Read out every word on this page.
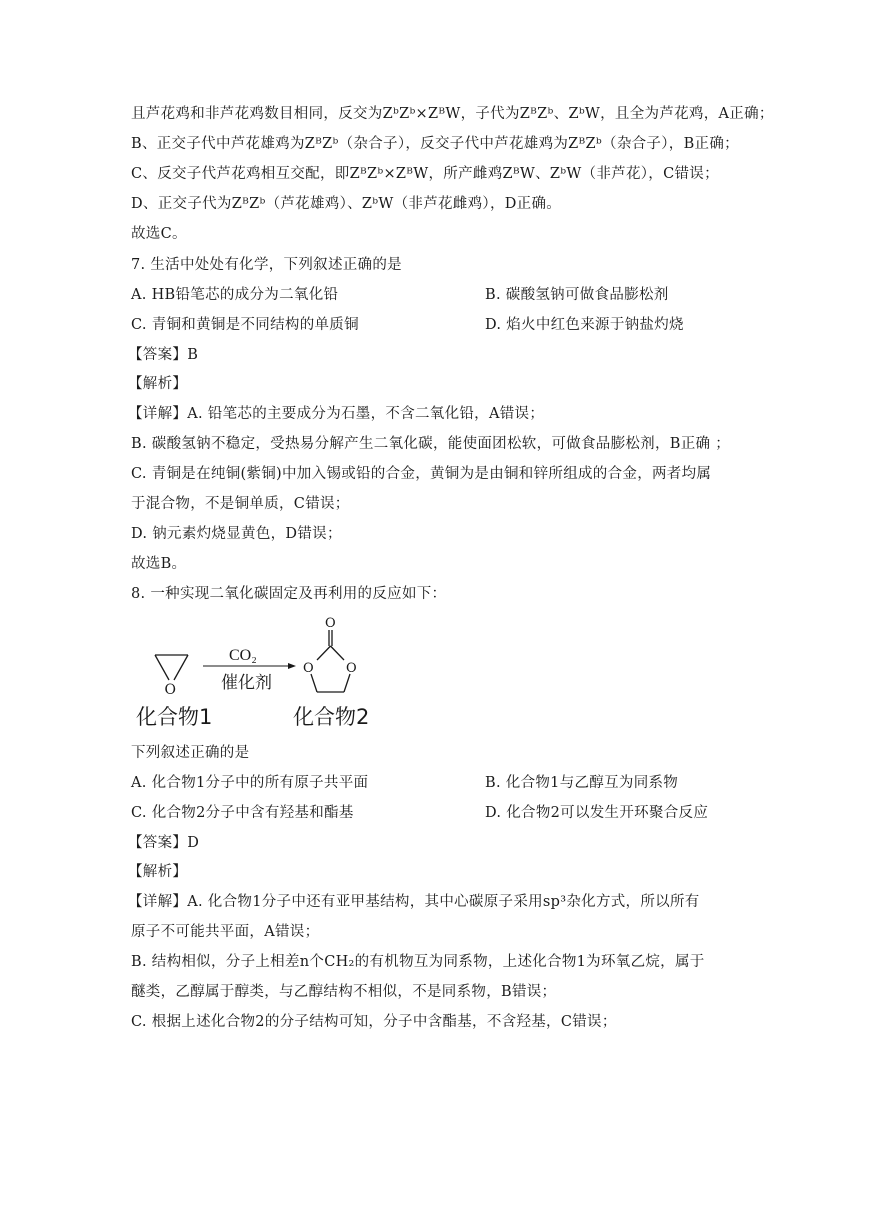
且芦花鸡和非芦花鸡数目相同，反交为ZᵇZᵇ×ZᴮW，子代为ZᴮZᵇ、ZᵇW，且全为芦花鸡，A正确；
B、正交子代中芦花雄鸡为ZᴮZᵇ（杂合子），反交子代中芦花雄鸡为ZᴮZᵇ（杂合子），B正确；
C、反交子代芦花鸡相互交配，即ZᴮZᵇ×ZᴮW，所产雌鸡ZᴮW、ZᵇW（非芦花），C错误；
D、正交子代为ZᴮZᵇ（芦花雄鸡）、ZᵇW（非芦花雌鸡），D正确。
故选C。
7. 生活中处处有化学，下列叙述正确的是
A. HB铅笔芯的成分为二氧化铅	B. 碳酸氢钠可做食品膨松剂
C. 青铜和黄铜是不同结构的单质铜	D. 焰火中红色来源于钠盐灼烧
【答案】B
【解析】
【详解】A. 铅笔芯的主要成分为石墨，不含二氧化铅，A错误；
B. 碳酸氢钠不稳定，受热易分解产生二氧化碳，能使面团松软，可做食品膨松剂，B正确 ；
C. 青铜是在纯铜(紫铜)中加入锡或铅的合金，黄铜为是由铜和锌所组成的合金，两者均属
于混合物，不是铜单质，C错误；
D. 钠元素灼烧显黄色，D错误；
故选B。
8. 一种实现二氧化碳固定及再利用的反应如下：
O
CO₂
催化剂
O
O O
化合物1	化合物2
下列叙述正确的是
A. 化合物1分子中的所有原子共平面	B. 化合物1与乙醇互为同系物
C. 化合物2分子中含有羟基和酯基	D. 化合物2可以发生开环聚合反应
【答案】D
【解析】
【详解】A. 化合物1分子中还有亚甲基结构，其中心碳原子采用sp³杂化方式，所以所有
原子不可能共平面，A错误；
B. 结构相似，分子上相差n个CH₂的有机物互为同系物，上述化合物1为环氧乙烷，属于
醚类，乙醇属于醇类，与乙醇结构不相似，不是同系物，B错误；
C. 根据上述化合物2的分子结构可知，分子中含酯基，不含羟基，C错误；
